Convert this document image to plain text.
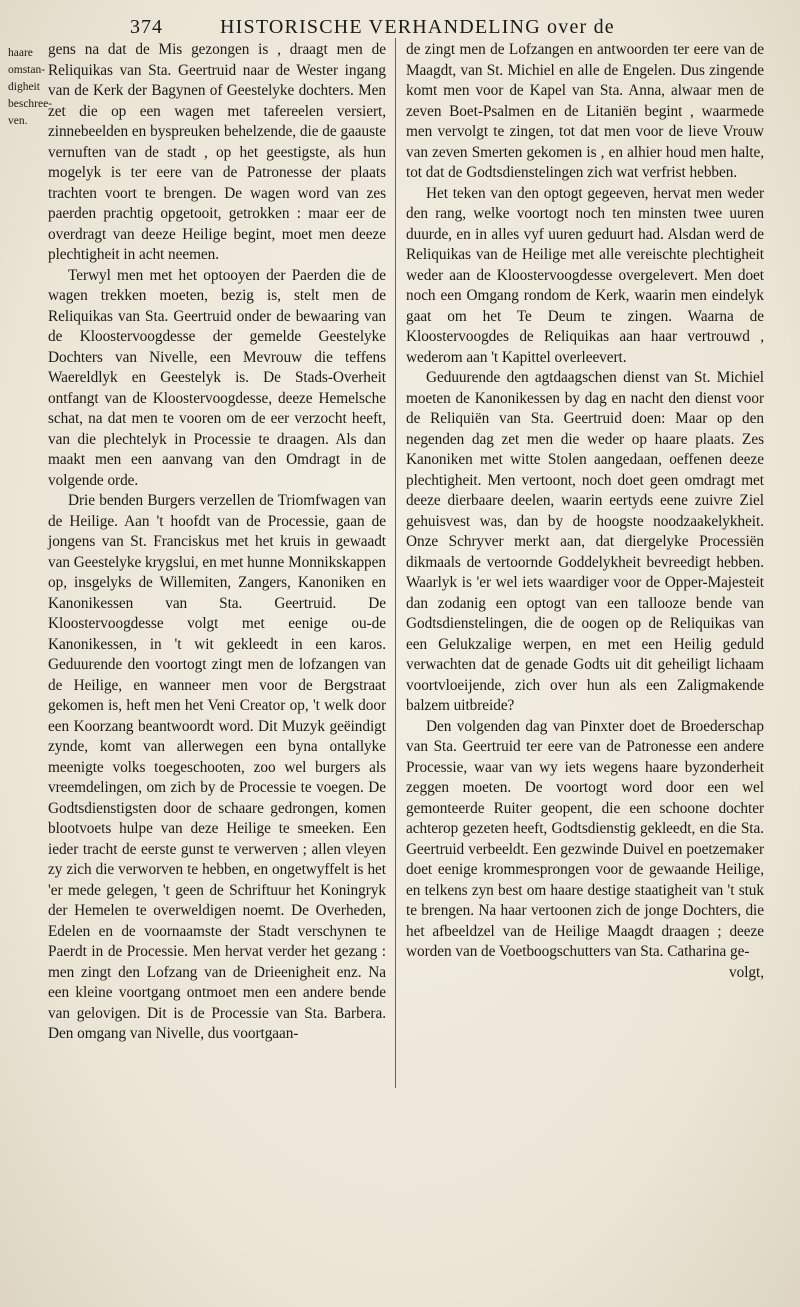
374	HISTORISCHE VERHANDELING over de
haare
omstan-
digheit
beschree-
ven.

gens na dat de Mis gezongen is , draagt men de Reliquikas van Sta. Geertruid naar de Wester ingang van de Kerk der Bagynen of Geestelyke dochters. Men zet die op een wagen met tafereelen versiert, zinnebeelden en byspreuken behelzende, die de gaauste vernuften van de stadt , op het geestigste, als hun mogelyk is ter eere van de Patronesse der plaats trachten voort te brengen. De wagen word van zes paerden prachtig opgetooit, getrokken : maar eer de overdragt van deeze Heilige begint, moet men deeze plechtigheit in acht neemen.

Terwyl men met het optooyen der Paerden die de wagen trekken moeten, bezig is, stelt men de Reliquikas van Sta. Geertruid onder de bewaaring van de Kloostervoogdesse der gemelde Geestelyke Dochters van Nivelle, een Mevrouw die teffens Waereldlyk en Geestelyk is. De Stads-Overheit ontfangt van de Kloostervoogdesse, deeze Hemelsche schat, na dat men te vooren om de eer verzocht heeft, van die plechtelyk in Processie te draagen. Als dan maakt men een aanvang van den Omdragt in de volgende orde.

Drie benden Burgers verzellen de Triomfwagen van de Heilige. Aan 't hoofdt van de Processie, gaan de jongens van St. Franciskus met het kruis in gewaadt van Geestelyke krygslui, en met hunne Monnikskappen op, insgelyks de Willemiten, Zangers, Kanoniken en Kanonikessen van Sta. Geertruid. De Kloostervoogdesse volgt met eenige ou-de Kanonikessen, in 't wit gekleedt in een karos. Geduurende den voortogt zingt men de lofzangen van de Heilige, en wanneer men voor de Bergstraat gekomen is, heft men het Veni Creator op, 't welk door een Koorzang beantwoordt word. Dit Muzyk geëindigt zynde, komt van allerwegen een byna ontallyke meenigte volks toegeschooten, zoo wel burgers als vreemdelingen, om zich by de Processie te voegen. De Godtsdienstigsten door de schaare gedrongen, komen blootvoets hulpe van deze Heilige te smeeken. Een ieder tracht de eerste gunst te verwerven ; allen vleyen zy zich die verworven te hebben, en ongetwyffelt is het 'er mede gelegen, 't geen de Schriftuur het Koningryk der Hemelen te overweldigen noemt. De Overheden, Edelen en de voornaamste der Stadt verschynen te Paerdt in de Processie. Men hervat verder het gezang : men zingt den Lofzang van de Drieenigheit enz. Na een kleine voortgang ontmoet men een andere bende van gelovigen. Dit is de Processie van Sta. Barbera. Den omgang van Nivelle, dus voortgaan-

de zingt men de Lofzangen en antwoorden ter eere van de Maagdt, van St. Michiel en alle de Engelen. Dus zingende komt men voor de Kapel van Sta. Anna, alwaar men de zeven Boet-Psalmen en de Litaniën begint , waarmede men vervolgt te zingen, tot dat men voor de lieve Vrouw van zeven Smerten gekomen is , en alhier houd men halte, tot dat de Godtsdienstelingen zich wat verfrist hebben.

Het teken van den optogt gegeeven, hervat men weder den rang, welke voortogt noch ten minsten twee uuren duurde, en in alles vyf uuren geduurt had. Alsdan werd de Reliquikas van de Heilige met alle vereischte plechtigheit weder aan de Kloostervoogdesse overgelevert. Men doet noch een Omgang rondom de Kerk, waarin men eindelyk gaat om het Te Deum te zingen. Waarna de Kloostervoogdes de Reliquikas aan haar vertrouwd , wederom aan 't Kapittel overleevert.

Geduurende den agtdaagschen dienst van St. Michiel moeten de Kanonikessen by dag en nacht den dienst voor de Reliquiën van Sta. Geertruid doen: Maar op den negenden dag zet men die weder op haare plaats. Zes Kanoniken met witte Stolen aangedaan, oeffenen deeze plechtigheit. Men vertoont, noch doet geen omdragt met deeze dierbaare deelen, waarin eertyds eene zuivre Ziel gehuisvest was, dan by de hoogste noodzaakelykheit. Onze Schryver merkt aan, dat diergelyke Processiën dikmaals de vertoornde Goddelykheit bevreedigt hebben. Waarlyk is 'er wel iets waardiger voor de Opper-Majesteit dan zodanig een optogt van een tallooze bende van Godtsdienstelingen, die de oogen op de Reliquikas van een Gelukzalige werpen, en met een Heilig geduld verwachten dat de genade Godts uit dit geheiligt lichaam voortvloeijende, zich over hun als een Zaligmakende balzem uitbreide?

Den volgenden dag van Pinxter doet de Broederschap van Sta. Geertruid ter eere van de Patronesse een andere Processie, waar van wy iets wegens haare byzonderheit zeggen moeten. De voortogt word door een wel gemonteerde Ruiter geopent, die een schoone dochter achterop gezeten heeft, Godtsdienstig gekleedt, en die Sta. Geertruid verbeeldt. Een gezwinde Duivel en poetzemaker doet eenige krommesprongen voor de gewaande Heilige, en telkens zyn best om haare destige staatigheit van 't stuk te brengen. Na haar vertoonen zich de jonge Dochters, die het afbeeldzel van de Heilige Maagdt draagen ; deeze worden van de Voetboogschutters van Sta. Catharina ge-

volgt,
